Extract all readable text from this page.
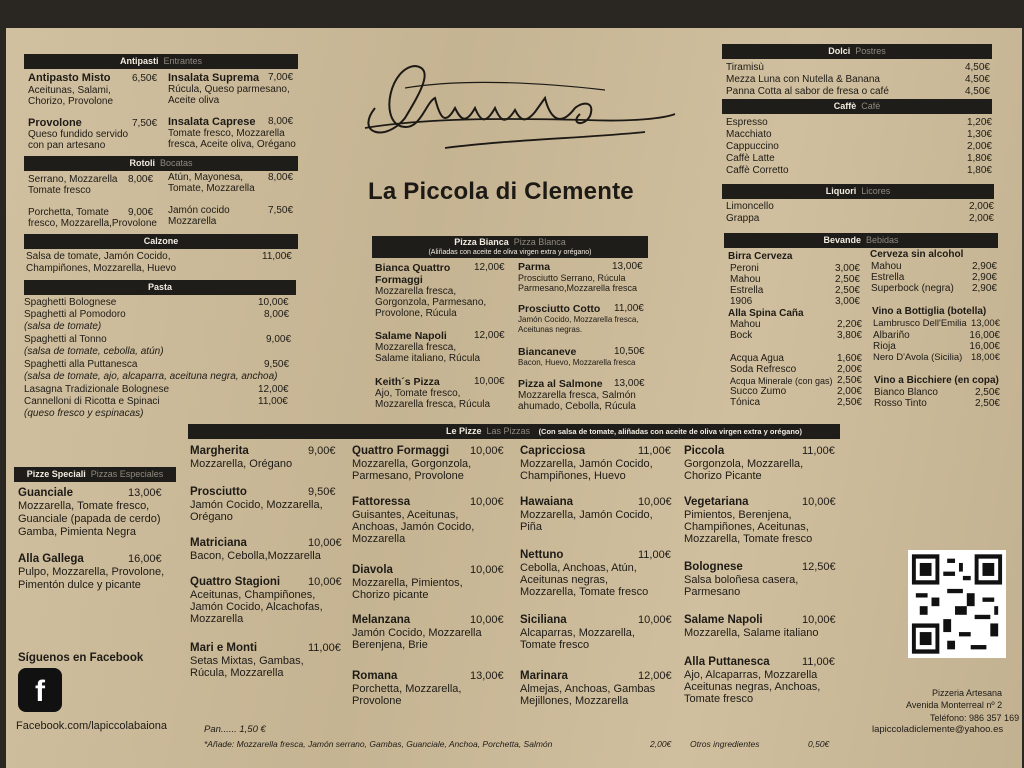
La Piccola di Clemente
Antipasti Entrantes
Antipasto Misto 6,50€
Aceitunas, Salami,
Chorizo, Provolone
Provolone	7,50€
Queso fundido servido
con pan artesano
Insalata Suprema 7,00€
Rúcula, Queso parmesano,
Aceite oliva
Insalata Caprese 8,00€
Tomate fresco, Mozzarella
fresca, Aceite oliva, Orégano
Rotoli Bocatas
Serrano, Mozzarella 8,00€
Tomate fresco
Atún, Mayonesa, 8,00€
Tomate, Mozzarella
Porchetta, Tomate 9,00€
fresco, Mozzarella,Provolone
Jamón cocido	7,50€
Mozzarella
Calzone
Salsa de tomate, Jamón Cocido,	11,00€
Champiñones, Mozzarella, Huevo
Pasta
Spaghetti Bolognese	10,00€
Spaghetti al Pomodoro	8,00€
(salsa de tomate)
Spaghetti al Tonno	9,00€
(salsa de tomate, cebolla, atún)
Spaghetti alla Puttanesca	9,50€
(salsa de tomate, ajo, alcaparra, aceituna negra, anchoa)
Lasagna Tradizionale Bolognese	12,00€
Cannelloni di Ricotta e Spinaci	11,00€
(queso fresco y espinacas)
Pizze Speciali Pizzas Especiales
Guanciale	13,00€
Mozzarella, Tomate fresco,
Guanciale (papada de cerdo)
Gamba, Pimienta Negra
Alla Gallega	16,00€
Pulpo, Mozzarella, Provolone,
Pimentón dulce y picante
Síguenos en Facebook
f
Facebook.com/lapiccolabaiona
Pizza Bianca Pizza Blanca
$^{(Aliñadas con aceite de oliva virgen extra y orégano)}$
Bianca Quattro 12,00€
Formaggi
Mozzarella fresca,
Gorgonzola, Parmesano,
Provolone, Rúcula
Salame Napoli	12,00€
Mozzarella fresca,
Salame italiano, Rúcula
Keith´s Pizza	10,00€
Ajo, Tomate fresco,
Mozzarella fresca, Rúcula
Parma	13,00€
Prosciutto Serrano, Rúcula
Parmesano,Mozzarella fresca
Prosciutto Cotto 11,00€
Jamón Cocido, Mozzarella fresca,
Aceitunas negras.
Biancaneve	10,50€
Bacon, Huevo, Mozzarella fresca
Pizza al Salmone 13,00€
Mozzarella fresca, Salmón
ahumado, Cebolla, Rúcula
Dolci Postres
Tiramisù	4,50€
Mezza Luna con Nutella & Banana	4,50€
Panna Cotta al sabor de fresa o café	4,50€
Caffè Café
Espresso	1,20€
Macchiato	1,30€
Cappuccino	2,00€
Caffè Latte	1,80€
Caffè Corretto	1,80€
Liquori Licores
Limoncello	2,00€
Grappa	2,00€
Bevande Bebidas
Birra Cerveza
Peroni	3,00€
Mahou	2,50€
Estrella	2,50€
1906	3,00€
Alla Spina Caña
Mahou	2,20€
Bock	3,80€
Acqua Agua	1,60€
Soda Refresco	2,00€
Acqua Minerale (con gas) 2,50€
Succo Zumo	2,00€
Tónica	2,50€
Cerveza sin alcohol
Mahou	2,90€
Estrella	2,90€
Superbock (negra) 2,90€
Vino a Bottiglia (botella)
Lambrusco Dell'Emilia 13,00€
Albariño	16,00€
Rioja	16,00€
Nero D'Avola (Sicilia) 18,00€
Vino a Bicchiere (en copa)
Bianco Blanco	2,50€
Rosso Tinto	2,50€
Le Pizze Las Pizzas (Con salsa de tomate, aliñadas con aceite de oliva virgen extra y orégano)
Margherita	9,00€
Mozzarella, Orégano
Prosciutto	9,50€
Jamón Cocido, Mozzarella,
Orégano
Matriciana	10,00€
Bacon, Cebolla,Mozzarella
Quattro Stagioni	10,00€
Aceitunas, Champiñones,
Jamón Cocido, Alcachofas,
Mozzarella
Mari e Monti	11,00€
Setas Mixtas, Gambas,
Rúcula, Mozzarella
Quattro Formaggi 10,00€
Mozzarella, Gorgonzola,
Parmesano, Provolone
Fattoressa	10,00€
Guisantes, Aceitunas,
Anchoas, Jamón Cocido,
Mozzarella
Diavola	10,00€
Mozzarella, Pimientos,
Chorizo picante
Melanzana	10,00€
Jamón Cocido, Mozzarella
Berenjena, Brie
Romana	13,00€
Porchetta, Mozzarella,
Provolone
Capricciosa	11,00€
Mozzarella, Jamón Cocido,
Champiñones, Huevo
Hawaiana	10,00€
Mozzarella, Jamón Cocido,
Piña
Nettuno	11,00€
Cebolla, Anchoas, Atún,
Aceitunas negras,
Mozzarella, Tomate fresco
Siciliana	10,00€
Alcaparras, Mozzarella,
Tomate fresco
Marinara	12,00€
Almejas, Anchoas, Gambas
Mejillones, Mozzarella
Piccola	11,00€
Gorgonzola, Mozzarella,
Chorizo Picante
Vegetariana	10,00€
Pimientos, Berenjena,
Champiñones, Aceitunas,
Mozzarella, Tomate fresco
Bolognese	12,50€
Salsa boloñesa casera,
Parmesano
Salame Napoli	10,00€
Mozzarella, Salame italiano
Alla Puttanesca	11,00€
Ajo, Alcaparras, Mozzarella
Aceitunas negras, Anchoas,
Tomate fresco
Pan...... 1,50 €
*Añade: Mozzarella fresca, Jamón serrano, Gambas, Guanciale, Anchoa, Porchetta, Salmón	2,00€ Otros ingredientes	0,50€
Pizzeria Artesana
Avenida Monterreal nº 2
Teléfono: 986 357 169
lapiccoladiclemente@yahoo.es
